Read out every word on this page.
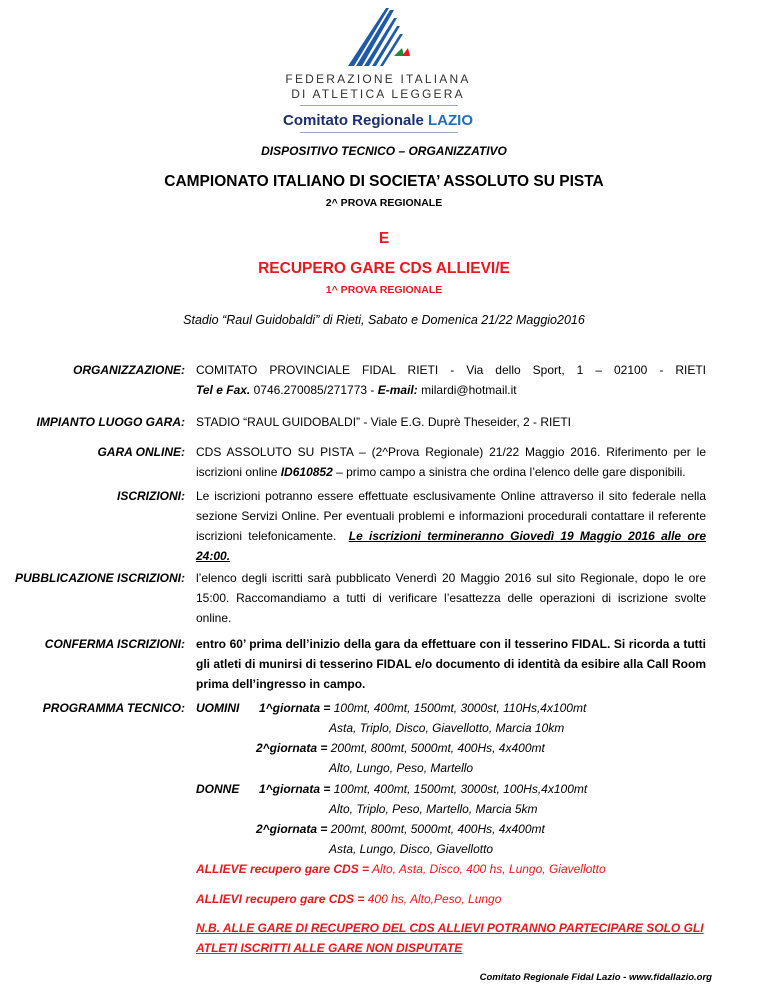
FEDERAZIONE ITALIANA
DI ATLETICA LEGGERA
Comitato Regionale LAZIO
DISPOSITIVO TECNICO – ORGANIZZATIVO
CAMPIONATO ITALIANO DI SOCIETA’ ASSOLUTO SU PISTA
2^ PROVA REGIONALE
E
RECUPERO GARE CDS ALLIEVI/E
1^ PROVA REGIONALE
Stadio “Raul Guidobaldi” di Rieti, Sabato e Domenica 21/22 Maggio2016
ORGANIZZAZIONE: COMITATO PROVINCIALE FIDAL RIETI - Via dello Sport, 1 – 02100 - RIETI
Tel e Fax. 0746.270085/271773 - E-mail: milardi@hotmail.it
IMPIANTO LUOGO GARA: STADIO “RAUL GUIDOBALDI” - Viale E.G. Duprè Theseider, 2 - RIETI
GARA ONLINE: CDS ASSOLUTO SU PISTA – (2^Prova Regionale) 21/22 Maggio 2016. Riferimento per le iscrizioni online ID610852 – primo campo a sinistra che ordina l’elenco delle gare disponibili.
ISCRIZIONI: Le iscrizioni potranno essere effettuate esclusivamente Online attraverso il sito federale nella sezione Servizi Online. Per eventuali problemi e informazioni procedurali contattare il referente iscrizioni telefonicamente. Le iscrizioni termineranno Giovedì 19 Maggio 2016 alle ore 24:00.
PUBBLICAZIONE ISCRIZIONI: l’elenco degli iscritti sarà pubblicato Venerdì 20 Maggio 2016 sul sito Regionale, dopo le ore 15:00. Raccomandiamo a tutti di verificare l’esattezza delle operazioni di iscrizione svolte online.
CONFERMA ISCRIZIONI: entro 60’ prima dell’inizio della gara da effettuare con il tesserino FIDAL. Si ricorda a tutti gli atleti di munirsi di tesserino FIDAL e/o documento di identità da esibire alla Call Room prima dell’ingresso in campo.
PROGRAMMA TECNICO: UOMINI 1^giornata = 100mt, 400mt, 1500mt, 3000st, 110Hs,4x100mt
Asta, Triplo, Disco, Giavellotto, Marcia 10km
2^giornata = 200mt, 800mt, 5000mt, 400Hs, 4x400mt
Alto, Lungo, Peso, Martello
DONNE 1^giornata = 100mt, 400mt, 1500mt, 3000st, 100Hs,4x100mt
Alto, Triplo, Peso, Martello, Marcia 5km
2^giornata = 200mt, 800mt, 5000mt, 400Hs, 4x400mt
Asta, Lungo, Disco, Giavellotto
ALLIEVE recupero gare CDS = Alto, Asta, Disco, 400 hs, Lungo, Giavellotto
ALLIEVI recupero gare CDS = 400 hs, Alto,Peso, Lungo
N.B. ALLE GARE DI RECUPERO DEL CDS ALLIEVI POTRANNO PARTECIPARE SOLO GLI ATLETI ISCRITTI ALLE GARE NON DISPUTATE
Comitato Regionale Fidal Lazio - www.fidallazio.org
